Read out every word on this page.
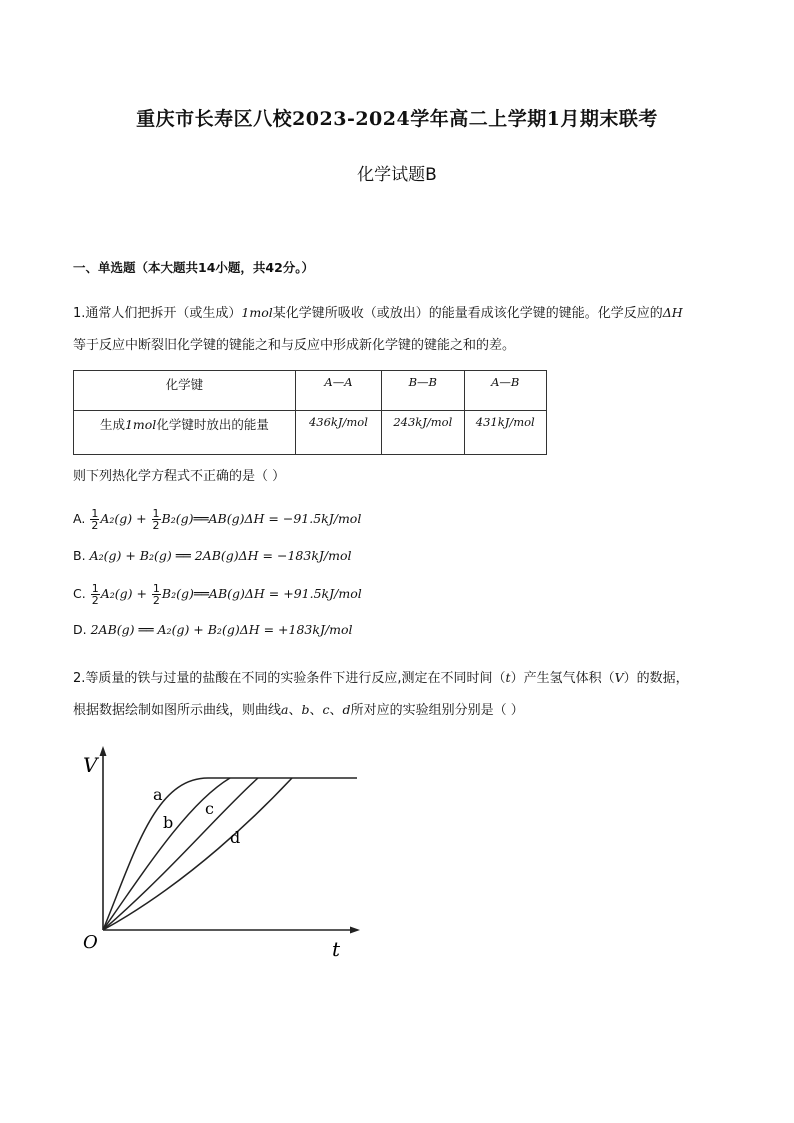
重庆市长寿区八校2023-2024学年高二上学期1月期末联考
化学试题B
一、单选题（本大题共14小题，共42分。）
1.通常人们把拆开（或生成）1mol某化学键所吸收（或放出）的能量看成该化学键的键能。化学反应的ΔH
等于反应中断裂旧化学键的键能之和与反应中形成新化学键的键能之和的差。
化学键	A—A	B—B	A—B
生成1mol化学键时放出的能量	436kJ/mol	243kJ/mol	431kJ/mol
则下列热化学方程式不正确的是（ ）
A. $\frac{1}{2} A_2(g) + \frac{1}{2}$ B₂(g)══AB(g)ΔH = −91.5kJ/mol
B. A₂(g) + B₂(g) ══ 2AB(g)ΔH = −183kJ/mol
C. $\frac{1}{2} A_2(g) + \frac{1}{2}$ B₂(g)══AB(g)ΔH = +91.5kJ/mol
D. 2AB(g) ══ A₂(g) + B₂(g)ΔH = +183kJ/mol
2.等质量的铁与过量的盐酸在不同的实验条件下进行反应,测定在不同时间（t）产生氢气体积（V）的数据，
根据数据绘制如图所示曲线，则曲线a、b、c、d所对应的实验组别分别是（ ）
V
t
O
a
b
c
d
